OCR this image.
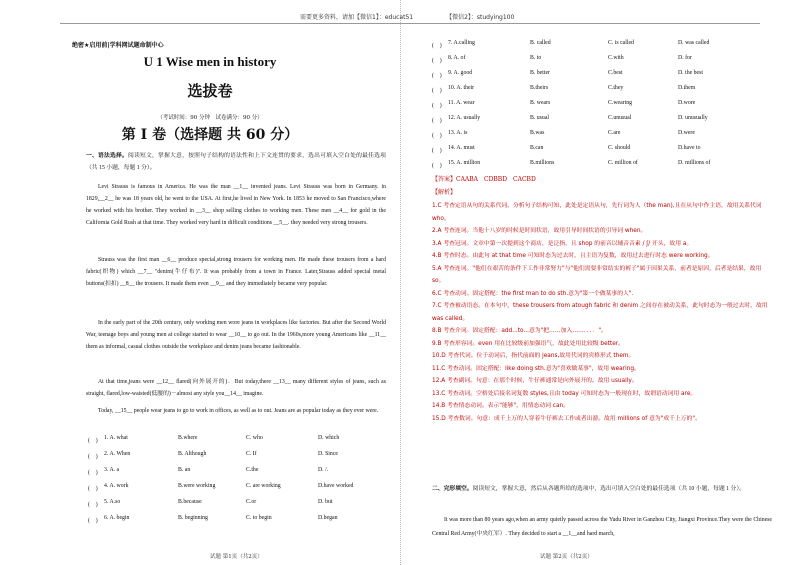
需要更多资料，请加【微信1】：educat51　　　　　　【微信2】：studying100
绝密★启用前|学科网试题命制中心
U 1 Wise men in history
选拔卷
（考试时间：90 分钟　试卷满分：90 分）
第 I 卷（选择题 共 60 分）
一、语法选择。阅读短文，掌握大意，按照句子结构的语法性和上下文连贯的要求，选出可填入空白处的最佳选项（共 15 小题，每题 1 分）。
Levi Strauss is famous in America. He was the man __1__ invented jeans. Levi Strauss was born in Germany. in 1829,__2__ he was 18 years old, he went to the USA. At first,he lived in New York. In 1853 he moved to San Francisco,where he worked with his brother. They worked in __3__ shop selling clothes to working men. These men __4__ for gold in the California Gold Rush at that time. They worked very hard in difficult conditions __5__. they needed very strong trousers.
Strauss was the first man __6__ produce special,strong trousers for working men. He made these trousers from a hard fabric(织物) which __7__ "denim(牛仔布)". It was probably from a town in France. Later,Strauss added special metal buttons(扣扣) __8__ the trousers. It made them even __9__ and they immediately became very popular.
In the early part of the 20th century, only working men wore jeans in workplaces like factories. But after the Second World War, teenage boys and young men at college started to wear __10__ to go out. In the 1960s,more young Americans like __11__ them as informal, casual clothes outside the workplace and denim jeans became fashionable.
At that time,jeans were __12__ flared(向外展开的)．But today,there __13__ many different styles of jeans, such as straight, flared,low-waisted(低腰的)－almost any style you__14__ imagine.
Today, __15__ people wear jeans to go to work in offices, as well as to out. Jeans are as popular today as they ever were.
(　) 1. A. what	B.where	C. who	D. which
(　) 2. A. When	B. Although	C. If	D. Since
(　) 3. A. a	B. an	C.the	D. /.
(　) 4. A. work	B.were working	C. are working	D.have worked
(　) 5. A.so	B.because	C.or	D. but
(　) 6. A. begin	B. beginning	C. to begin	D.began
试题 第1页（共2页）
(　) 7. A.calling	B. called	C. is called	D. was called
(　) 8. A. of	B. to	C.with	D. for
(　) 9. A. good	B. better	C.best	D. the best
(　) 10. A. their	B.theirs	C.they	D.them
(　) 11. A. wear	B. wears	C.wearing	D.wore
(　) 12. A. usually	B. usual	C.unusual	D. unusually
(　) 13. A. is	B.was	C.are	D.were
(　) 14. A. must	B.can	C. should	D.have to
(　) 15. A. million	B.millions	C. million of	D. millions of
【答案】CAABA　CDBBD　CACBD
【解析】

1.C 考查定语从句的关系代词。分析句子结构可知，此处是定语从句，先行词为人（the man),且在从句中作主语，故用关系代词 who。

2.A 考查连词。当他十八岁的时候是时间状语，故用引导时间状语的引导词 when。

3.A 考查冠词。文章中第一次提到这个商店，是泛指，且 shop 的前音以辅音音素 / ʃ/ 开头，故用 a。

4.B 考查时态。由此句 at that time 可知时态为过去时，且主语为复数，故用过去进行时态 were working。

5.A 考查连词。"他们在艰苦的条件下工作非常努力"与"他们需要非常结实的裤子"属于因果关系，前者是原因，后者是结果，故用 so。

6.C 考查动词。固定搭配：the first man to do sth.意为"第一个做某事的人"．

7.C 考查被动语态。在本句中，these trousers from atough fabric 和 denim 之间存在被动关系，此句时态为一般过去时，故用 was called。

8.B 考查介词。固定搭配：add...to...意为"把……加入……．．．．"。

9.B 考查形容词。even 用在比较级前加强语气，故此处用比较级 better。

10.D 考查代词。位于动词后，指代前面的 jeans,故用代词的宾格形式 them。

11.C 考查动词。固定搭配：like doing sth.意为"喜欢做某事"，故用 wearing。

12.A 考查副词。句意：在那个时候，牛仔裤通常是向外展开的。故用 usually。

13.C 考查动词。空格处后接名词复数 styles,且由 today 可知时态为一般现在时，故谓语动词用 are。

14.B 考查情态动词。表示"能够"，用情态动词 can。

15.D 考查数词。句意：成千上万的人穿着牛仔裤去工作或者出游。故用 millions of 意为"成千上万的"。

二、完形填空。阅读短文，掌握大意，然后从各题所给的选项中，选出可填入空白处的最佳选项（共 10 小题，每题 1 分）。
It was more than 80 years ago,when an army quietly passed across the Yudu River in Ganzhou City, Jiangxi Province.They were the Chinese Central Red Army(中央红军）. They decided to start a __1__and hard march,
试题 第2页（共2页）
